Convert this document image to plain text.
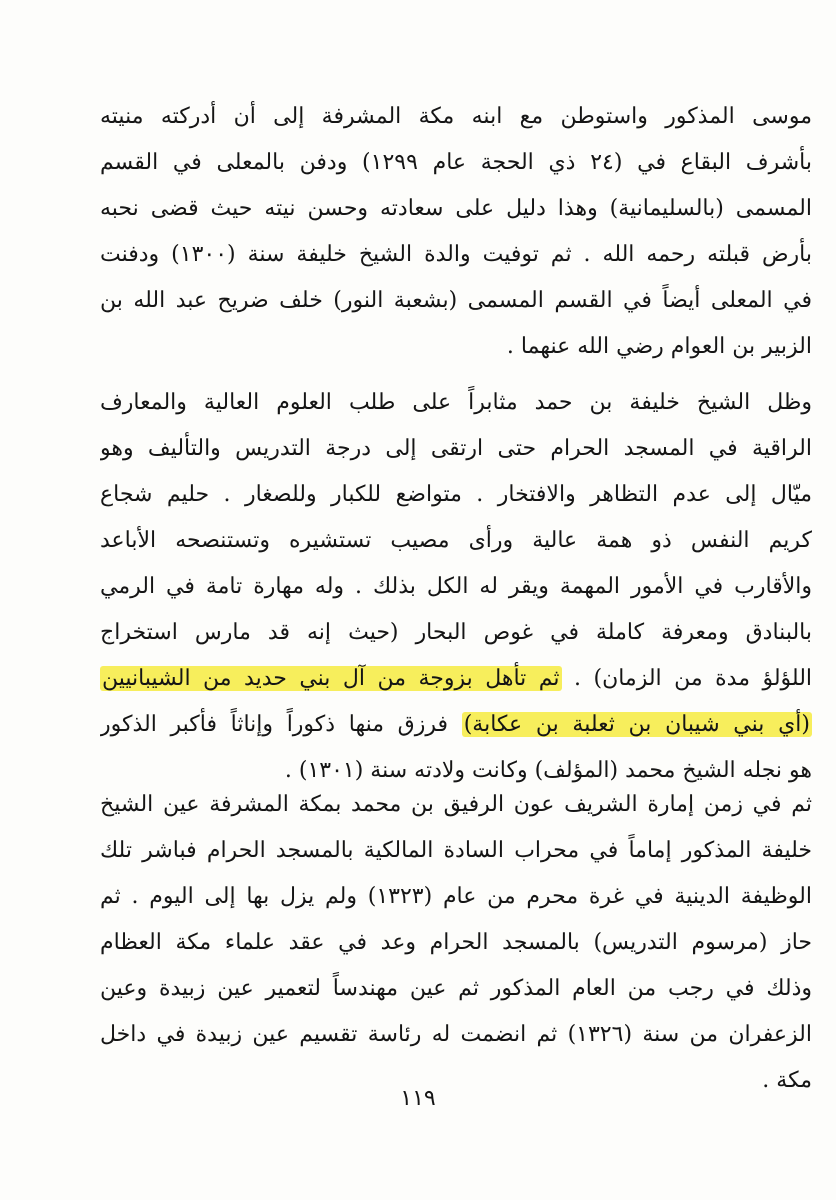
موسى المذكور واستوطن مع ابنه مكة المشرفة إلى أن أدركته منيته
بأشرف البقاع في (٢٤ ذي الحجة عام ١٢٩٩) ودفن بالمعلى في القسم
المسمى (بالسليمانية) وهذا دليل على سعادته وحسن نيته حيث قضى نحبه
بأرض قبلته رحمه الله . ثم توفيت والدة الشيخ خليفة سنة (١٣٠٠) ودفنت
في المعلى أيضاً في القسم المسمى (بشعبة النور) خلف ضريح عبد الله بن
الزبير بن العوام رضي الله عنهما .
وظل الشيخ خليفة بن حمد مثابراً على طلب العلوم العالية والمعارف
الراقية في المسجد الحرام حتى ارتقى إلى درجة التدريس والتأليف وهو
ميّال إلى عدم التظاهر والافتخار . متواضع للكبار وللصغار . حليم شجاع
كريم النفس ذو همة عالية ورأى مصيب تستشيره وتستنصحه الأباعد
والأقارب في الأمور المهمة ويقر له الكل بذلك . وله مهارة تامة في الرمي
بالبنادق ومعرفة كاملة في غوص البحار (حيث إنه قد مارس استخراج
اللؤلؤ مدة من الزمان) . ثم تأهل بزوجة من آل بني حديد من الشيبانيين
(أي بني شيبان بن ثعلبة بن عكابة) فرزق منها ذكوراً وإناثاً فأكبر الذكور
هو نجله الشيخ محمد (المؤلف) وكانت ولادته سنة (١٣٠١) .
ثم في زمن إمارة الشريف عون الرفيق بن محمد بمكة المشرفة عين الشيخ
خليفة المذكور إماماً في محراب السادة المالكية بالمسجد الحرام فباشر تلك
الوظيفة الدينية في غرة محرم من عام (١٣٢٣) ولم يزل بها إلى اليوم . ثم
حاز (مرسوم التدريس) بالمسجد الحرام وعد في عقد علماء مكة العظام
وذلك في رجب من العام المذكور ثم عين مهندساً لتعمير عين زبيدة وعين
الزعفران من سنة (١٣٢٦) ثم انضمت له رئاسة تقسيم عين زبيدة في داخل
مكة .
١١٩
